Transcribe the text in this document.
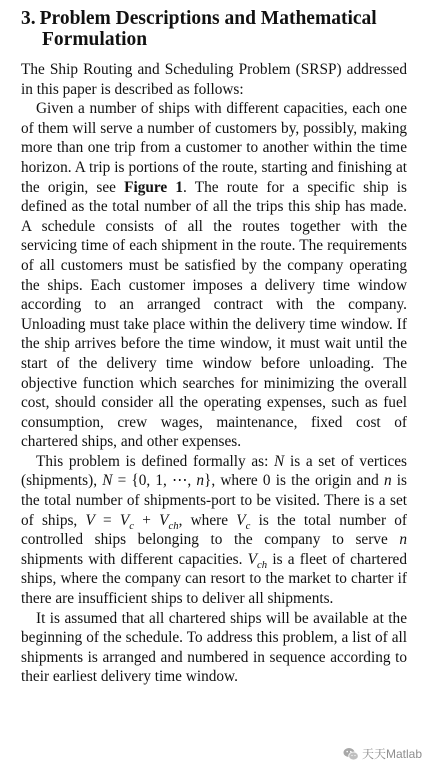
3. Problem Descriptions and Mathematical Formulation

The Ship Routing and Scheduling Problem (SRSP) addressed in this paper is described as follows:

Given a number of ships with different capacities, each one of them will serve a number of customers by, possibly, making more than one trip from a customer to another within the time horizon. A trip is portions of the route, starting and finishing at the origin, see Figure 1. The route for a specific ship is defined as the total number of all the trips this ship has made. A schedule consists of all the routes together with the servicing time of each shipment in the route. The requirements of all customers must be satisfied by the company operating the ships. Each customer imposes a delivery time window according to an arranged contract with the company. Unloading must take place within the delivery time window. If the ship arrives before the time window, it must wait until the start of the delivery time window before unloading. The objective function which searches for minimizing the overall cost, should consider all the operating expenses, such as fuel consumption, crew wages, maintenance, fixed cost of chartered ships, and other expenses.

This problem is defined formally as: N is a set of vertices (shipments), N = {0, 1, ⋯, n}, where 0 is the origin and n is the total number of shipments-port to be visited. There is a set of ships, $V = V_c + V_{ch}$, where $V_c$ is the total number of controlled ships belonging to the company to serve n shipments with different capacities. $V_{ch}$ is a fleet of chartered ships, where the company can resort to the market to charter if there are insufficient ships to deliver all shipments.

It is assumed that all chartered ships will be available at the beginning of the schedule. To address this problem, a list of all shipments is arranged and numbered in sequence according to their earliest delivery time window.

天天Matlab
